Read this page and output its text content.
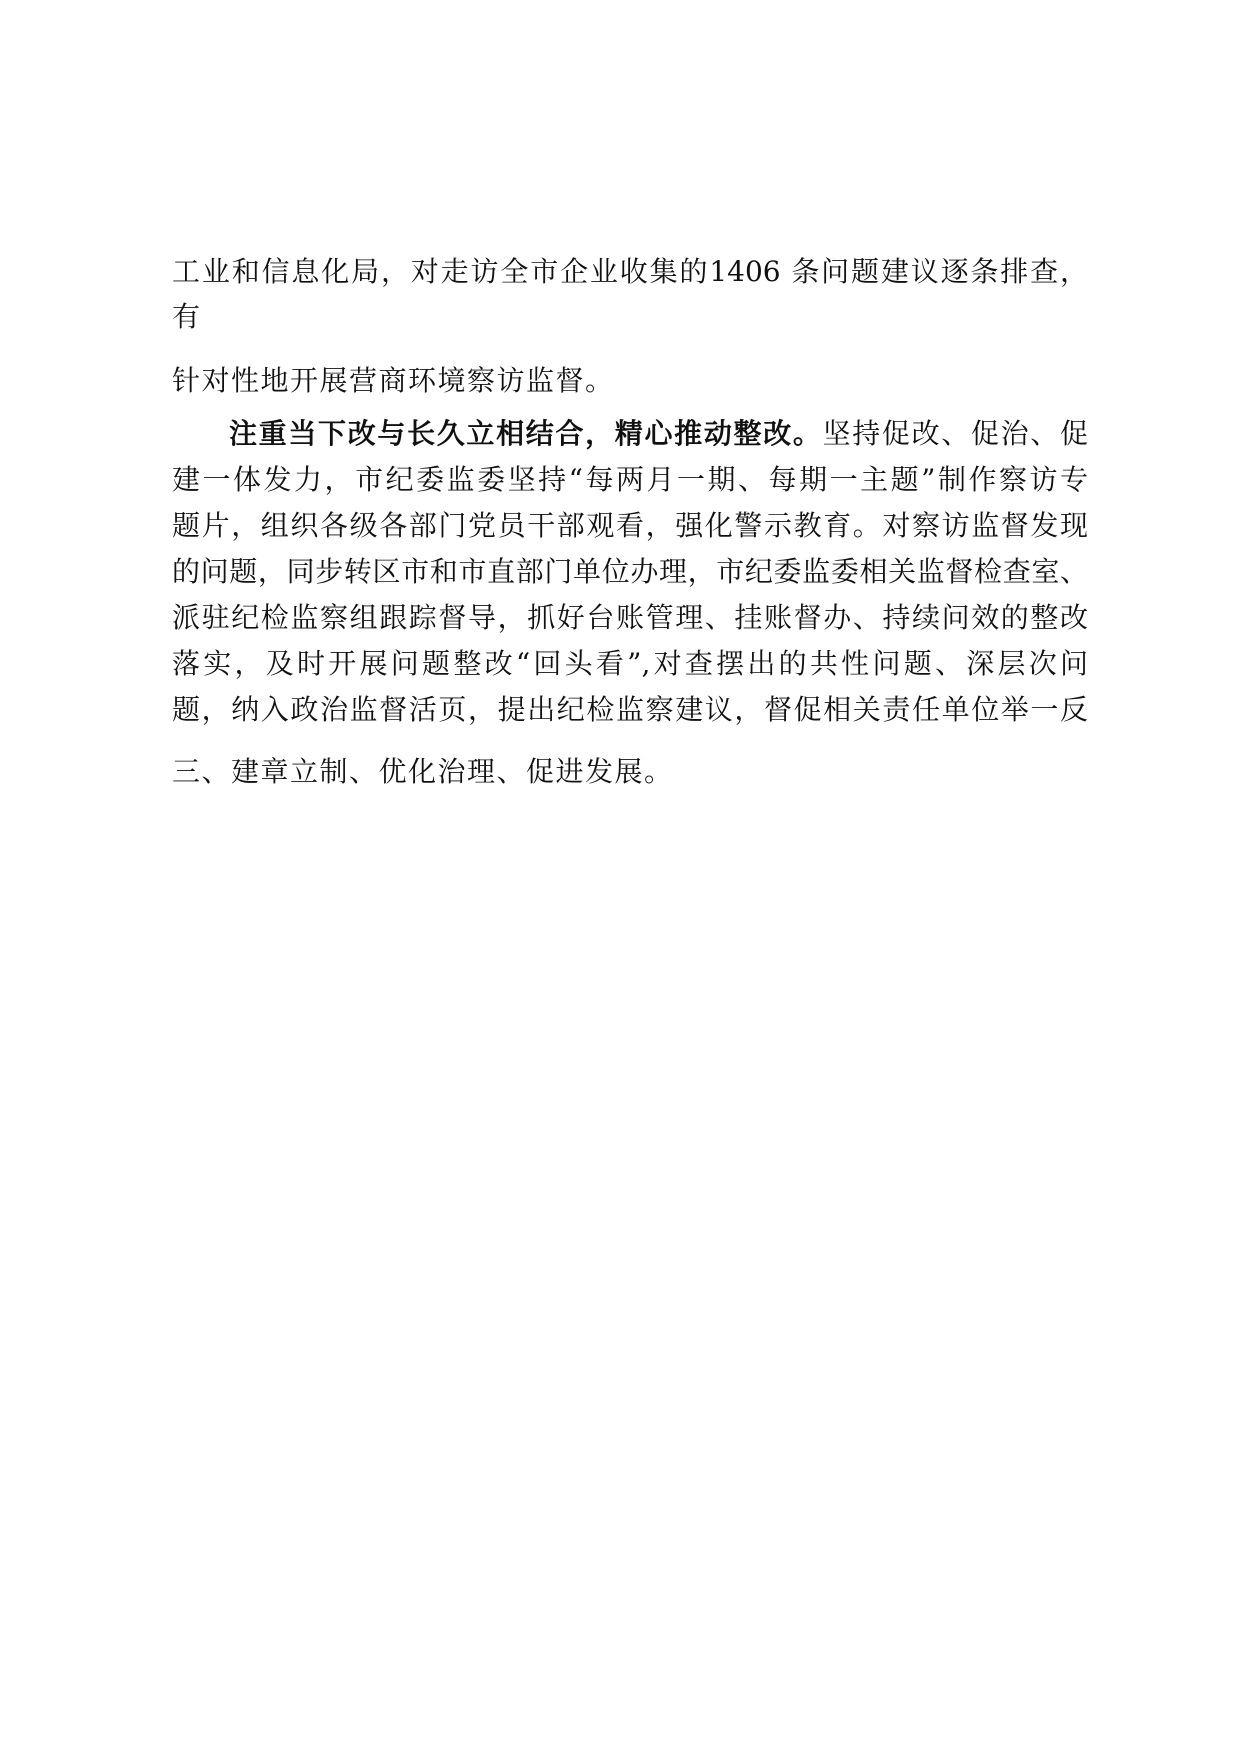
工业和信息化局，对走访全市企业收集的1406 条问题建议逐条排查，
有
针对性地开展营商环境察访监督。
注重当下改与长久立相结合，精心推动整改。坚持促改、促治、促
建一体发力，市纪委监委坚持“每两月一期、每期一主题”制作察访专
题片，组织各级各部门党员干部观看，强化警示教育。对察访监督发现
的问题，同步转区市和市直部门单位办理，市纪委监委相关监督检查室、
派驻纪检监察组跟踪督导，抓好台账管理、挂账督办、持续问效的整改
落实，及时开展问题整改“回头看”,对查摆出的共性问题、深层次问
题，纳入政治监督活页，提出纪检监察建议，督促相关责任单位举一反
三、建章立制、优化治理、促进发展。
